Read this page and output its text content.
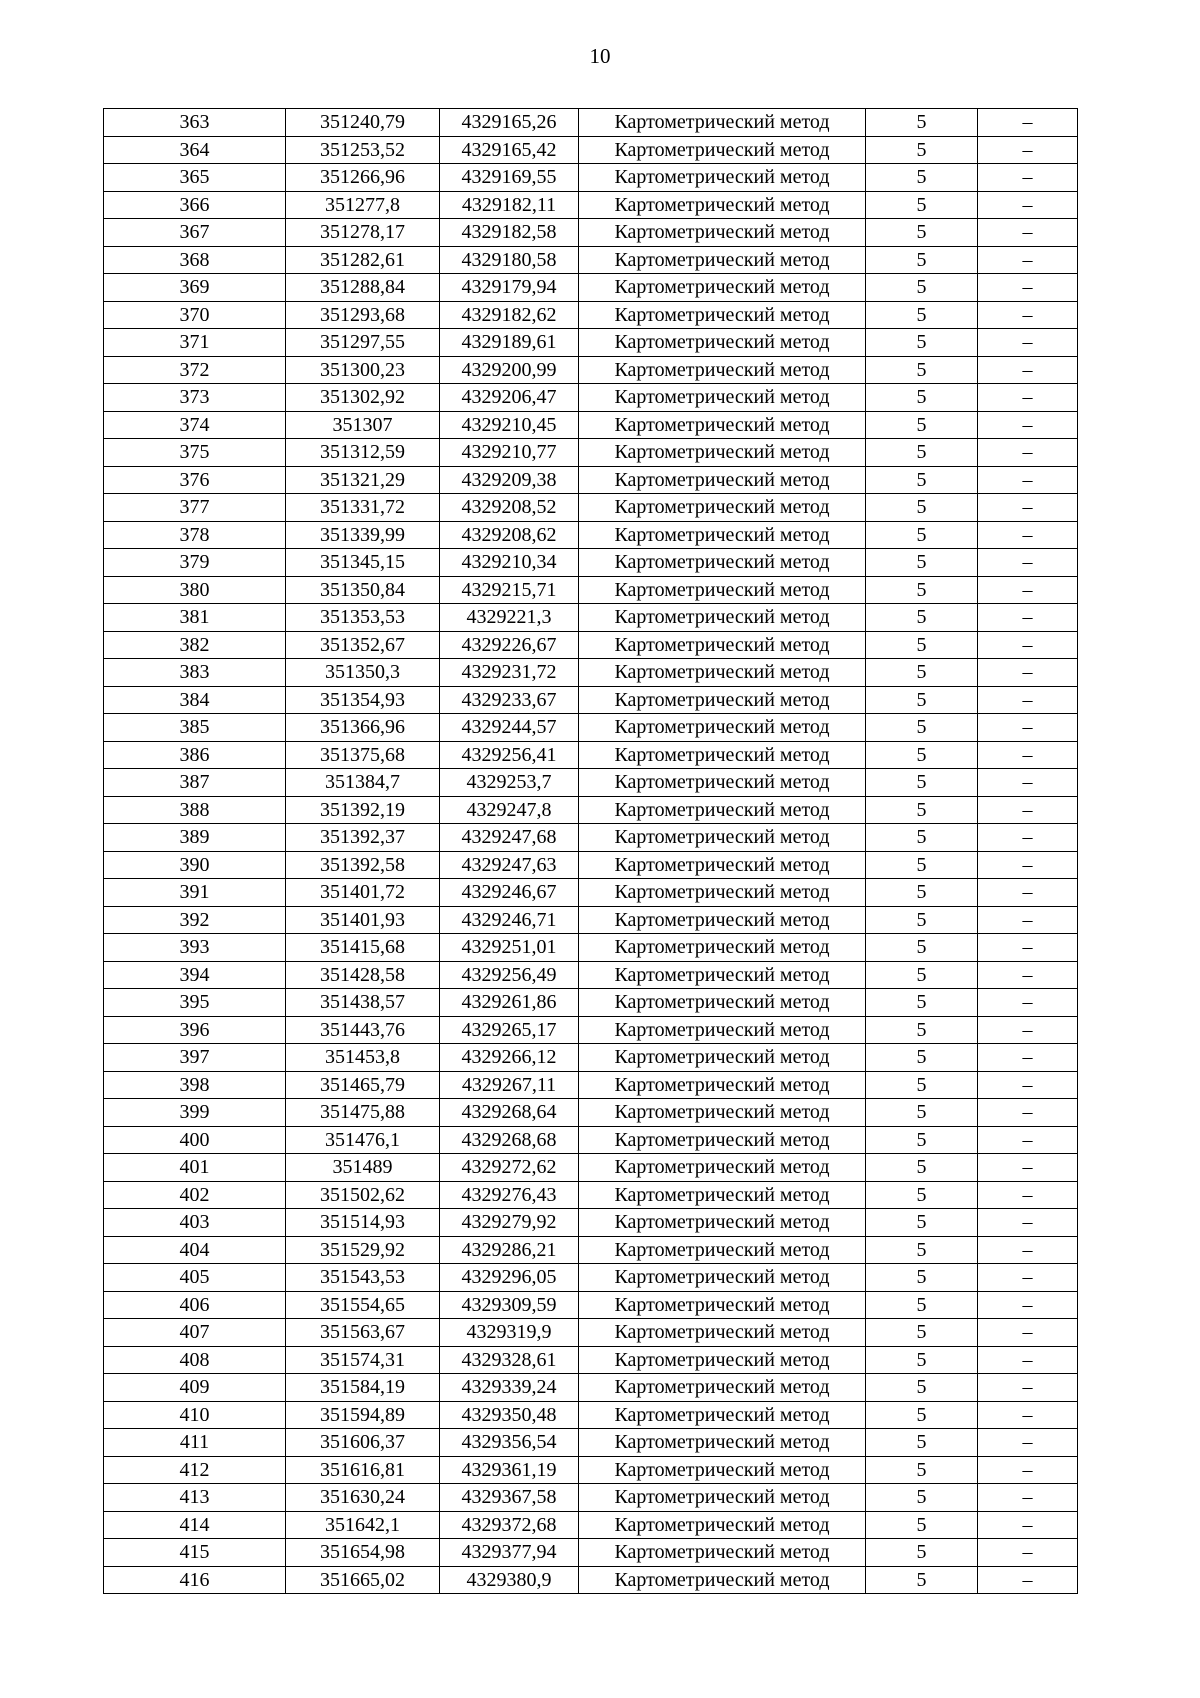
10
363	351240,79	4329165,26	Картометрический метод	5	–
364	351253,52	4329165,42	Картометрический метод	5	–
365	351266,96	4329169,55	Картометрический метод	5	–
366	351277,8	4329182,11	Картометрический метод	5	–
367	351278,17	4329182,58	Картометрический метод	5	–
368	351282,61	4329180,58	Картометрический метод	5	–
369	351288,84	4329179,94	Картометрический метод	5	–
370	351293,68	4329182,62	Картометрический метод	5	–
371	351297,55	4329189,61	Картометрический метод	5	–
372	351300,23	4329200,99	Картометрический метод	5	–
373	351302,92	4329206,47	Картометрический метод	5	–
374	351307	4329210,45	Картометрический метод	5	–
375	351312,59	4329210,77	Картометрический метод	5	–
376	351321,29	4329209,38	Картометрический метод	5	–
377	351331,72	4329208,52	Картометрический метод	5	–
378	351339,99	4329208,62	Картометрический метод	5	–
379	351345,15	4329210,34	Картометрический метод	5	–
380	351350,84	4329215,71	Картометрический метод	5	–
381	351353,53	4329221,3	Картометрический метод	5	–
382	351352,67	4329226,67	Картометрический метод	5	–
383	351350,3	4329231,72	Картометрический метод	5	–
384	351354,93	4329233,67	Картометрический метод	5	–
385	351366,96	4329244,57	Картометрический метод	5	–
386	351375,68	4329256,41	Картометрический метод	5	–
387	351384,7	4329253,7	Картометрический метод	5	–
388	351392,19	4329247,8	Картометрический метод	5	–
389	351392,37	4329247,68	Картометрический метод	5	–
390	351392,58	4329247,63	Картометрический метод	5	–
391	351401,72	4329246,67	Картометрический метод	5	–
392	351401,93	4329246,71	Картометрический метод	5	–
393	351415,68	4329251,01	Картометрический метод	5	–
394	351428,58	4329256,49	Картометрический метод	5	–
395	351438,57	4329261,86	Картометрический метод	5	–
396	351443,76	4329265,17	Картометрический метод	5	–
397	351453,8	4329266,12	Картометрический метод	5	–
398	351465,79	4329267,11	Картометрический метод	5	–
399	351475,88	4329268,64	Картометрический метод	5	–
400	351476,1	4329268,68	Картометрический метод	5	–
401	351489	4329272,62	Картометрический метод	5	–
402	351502,62	4329276,43	Картометрический метод	5	–
403	351514,93	4329279,92	Картометрический метод	5	–
404	351529,92	4329286,21	Картометрический метод	5	–
405	351543,53	4329296,05	Картометрический метод	5	–
406	351554,65	4329309,59	Картометрический метод	5	–
407	351563,67	4329319,9	Картометрический метод	5	–
408	351574,31	4329328,61	Картометрический метод	5	–
409	351584,19	4329339,24	Картометрический метод	5	–
410	351594,89	4329350,48	Картометрический метод	5	–
411	351606,37	4329356,54	Картометрический метод	5	–
412	351616,81	4329361,19	Картометрический метод	5	–
413	351630,24	4329367,58	Картометрический метод	5	–
414	351642,1	4329372,68	Картометрический метод	5	–
415	351654,98	4329377,94	Картометрический метод	5	–
416	351665,02	4329380,9	Картометрический метод	5	–
